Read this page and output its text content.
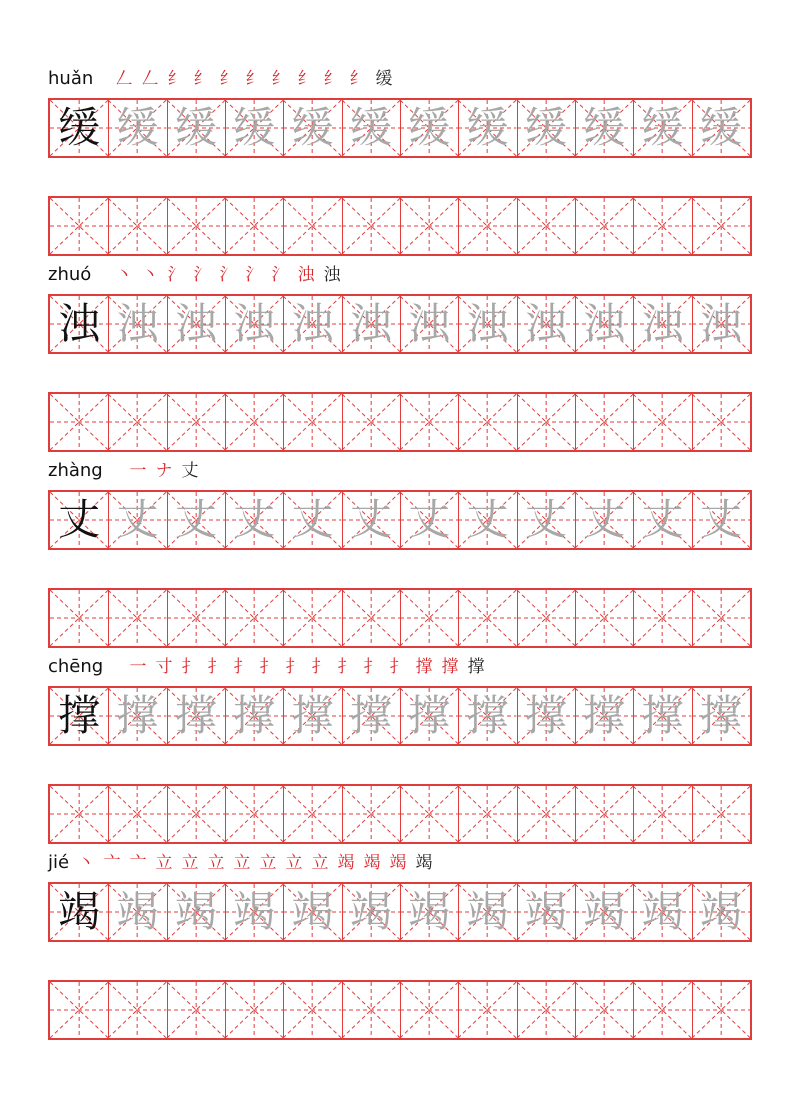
huǎn 𠃋 𠃋 纟 纟 纟 纟 纟 纟 纟 纟 缓
缓 缓 缓 缓 缓 缓 缓 缓 缓 缓 缓 缓
zhuó 丶 丶 氵 氵 氵 氵 氵 浊 浊
浊 浊 浊 浊 浊 浊 浊 浊 浊 浊 浊 浊
zhàng 一 ナ 丈
丈 丈 丈 丈 丈 丈 丈 丈 丈 丈 丈 丈
chēng 一 寸 扌 扌 扌 扌 扌 扌 扌 扌 扌 撑 撑 撑
撑 撑 撑 撑 撑 撑 撑 撑 撑 撑 撑 撑
jié 丶 亠 亠 立 立 立 立 立 立 立 竭 竭 竭 竭
竭 竭 竭 竭 竭 竭 竭 竭 竭 竭 竭 竭
